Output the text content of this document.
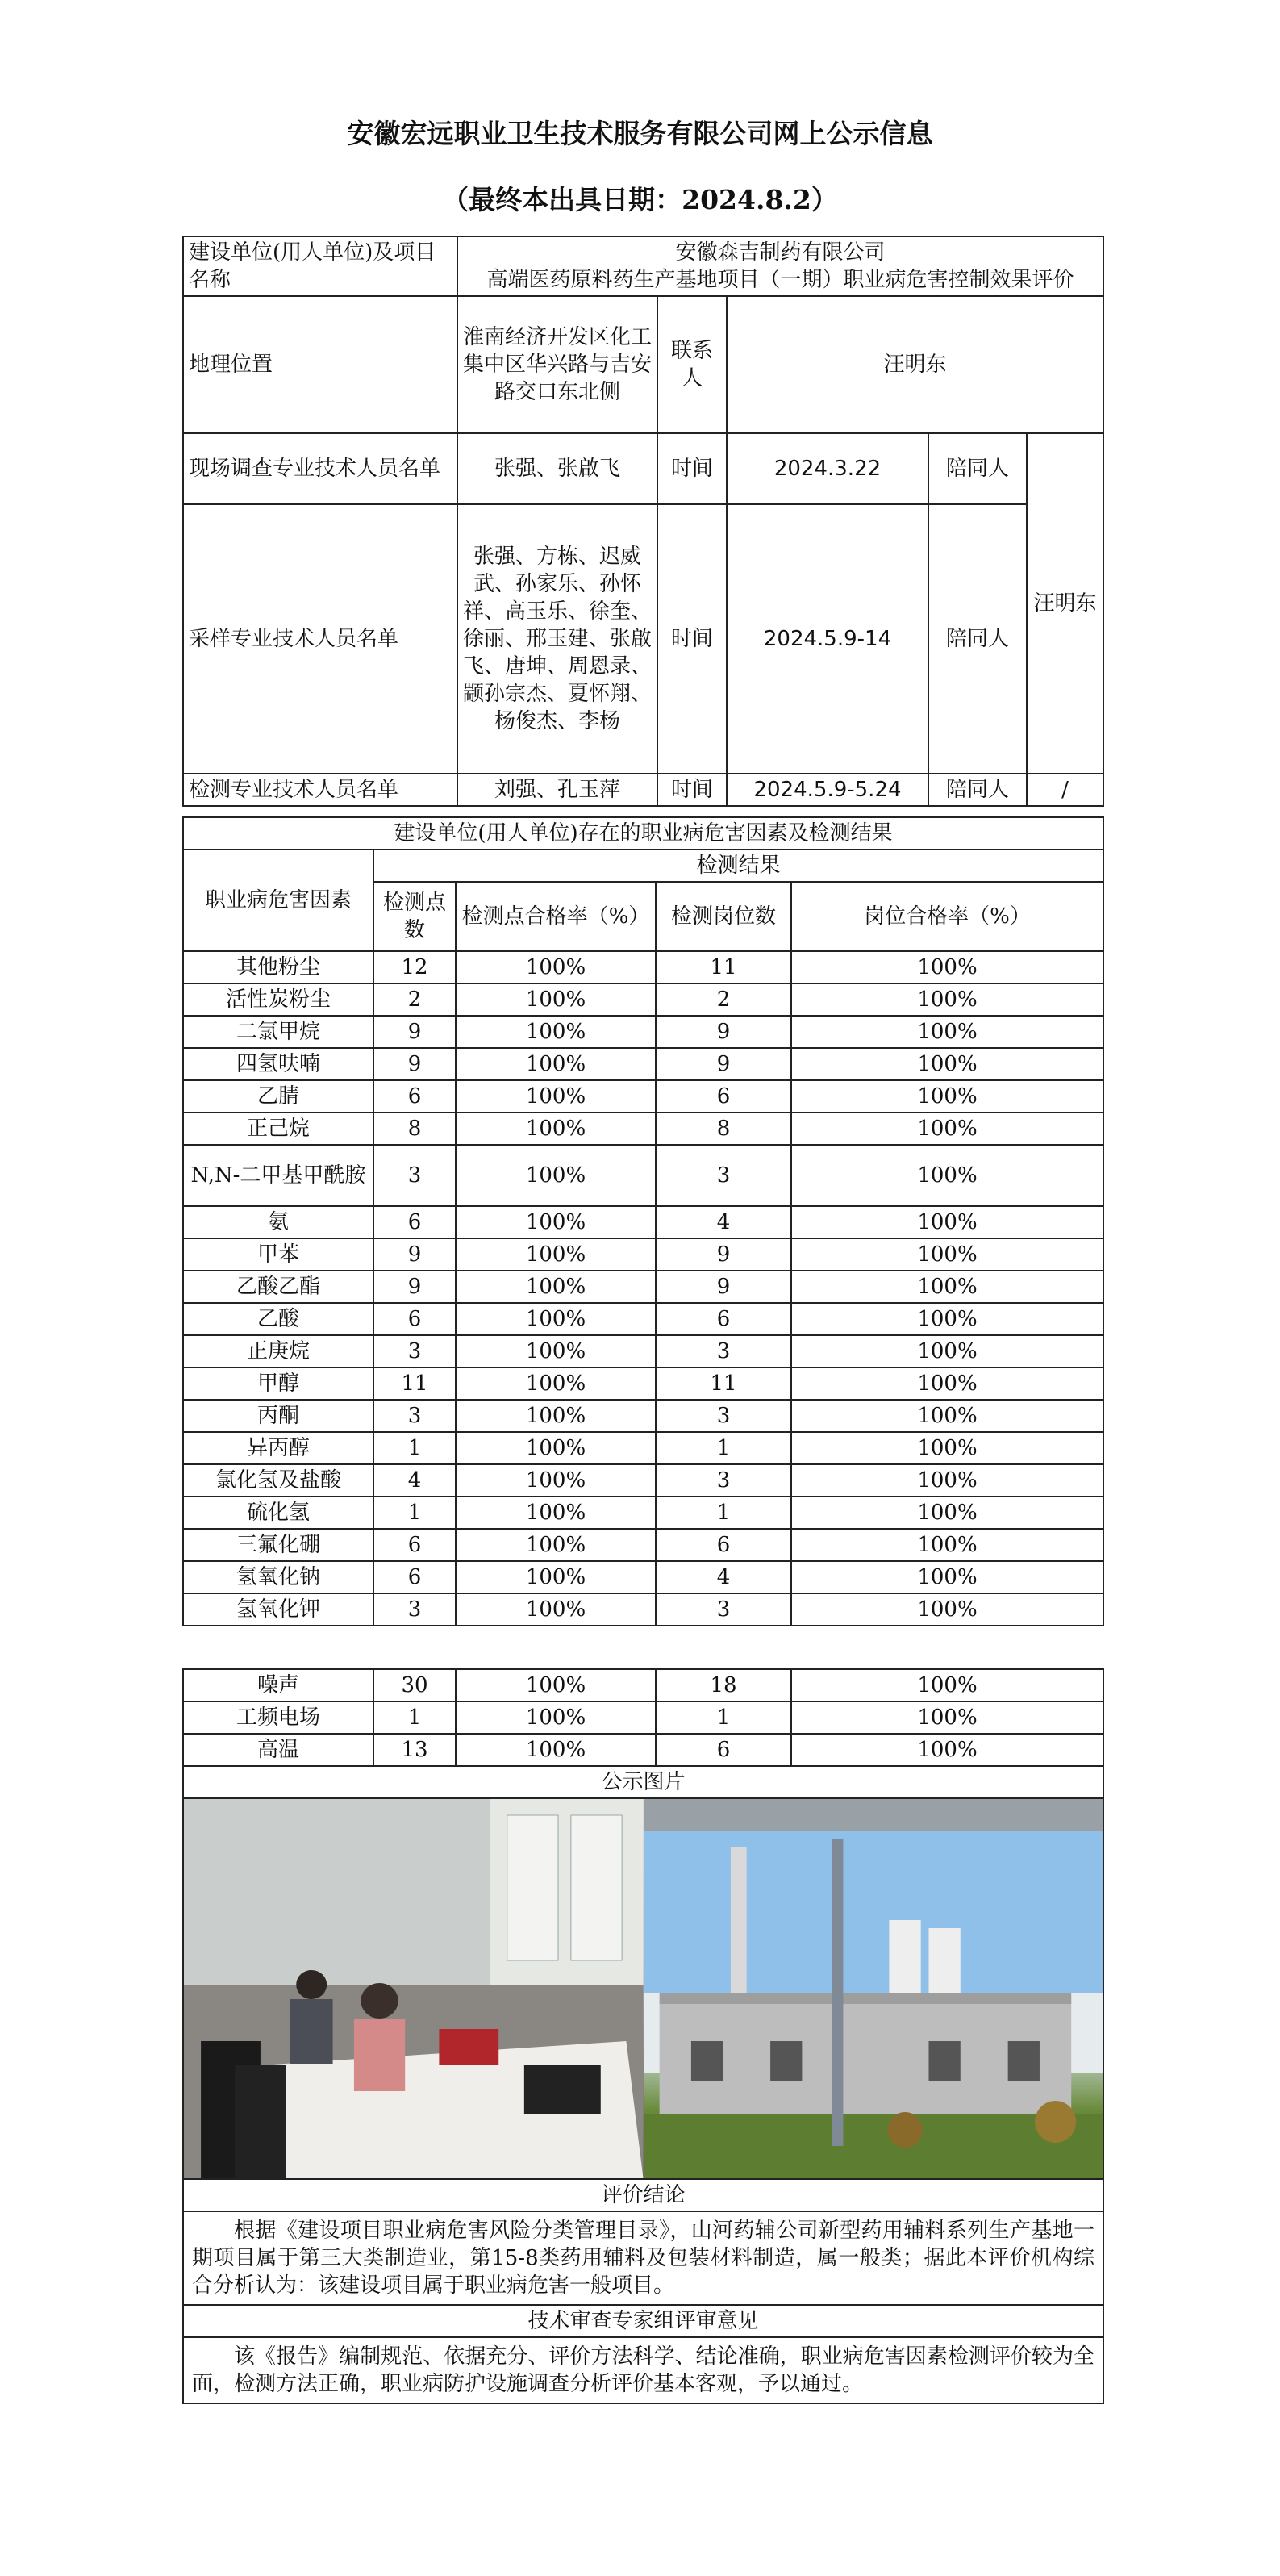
安徽宏远职业卫生技术服务有限公司网上公示信息
（最终本出具日期：2024.8.2）
建设单位(用人单位)及项目名称	安徽森吉制药有限公司
高端医药原料药生产基地项目（一期）职业病危害控制效果评价				

地理位置	淮南经济开发区化工集中区华兴路与吉安路交口东北侧	联系人	汪明东		
现场调查专业技术人员名单	张强、张啟飞	时间	2024.3.22	陪同人	汪明东
采样专业技术人员名单	张强、方栋、迟威武、孙家乐、孙怀祥、高玉乐、徐奎、徐丽、邢玉建、张啟飞、唐坤、周恩录、颛孙宗杰、夏怀翔、杨俊杰、李杨	时间	2024.5.9-14	陪同人	
检测专业技术人员名单	刘强、孔玉萍	时间	2024.5.9-5.24	陪同人	/
建设单位(用人单位)存在的职业病危害因素及检测结果				
职业病危害因素	检测结果			
	检测点数	检测点合格率（%）	检测岗位数	岗位合格率（%）
其他粉尘	12	100%	11	100%
活性炭粉尘	2	100%	2	100%
二氯甲烷	9	100%	9	100%
四氢呋喃	9	100%	9	100%
乙腈	6	100%	6	100%
正己烷	8	100%	8	100%
N,N-二甲基甲酰胺	3	100%	3	100%
氨	6	100%	4	100%
甲苯	9	100%	9	100%
乙酸乙酯	9	100%	9	100%
乙酸	6	100%	6	100%
正庚烷	3	100%	3	100%
甲醇	11	100%	11	100%
丙酮	3	100%	3	100%
异丙醇	1	100%	1	100%
氯化氢及盐酸	4	100%	3	100%
硫化氢	1	100%	1	100%
三氟化硼	6	100%	6	100%
氢氧化钠	6	100%	4	100%
氢氧化钾	3	100%	3	100%
噪声	30	100%	18	100%
工频电场	1	100%	1	100%
高温	13	100%	6	100%
公示图片				

评价结论				
根据《建设项目职业病危害风险分类管理目录》，山河药辅公司新型药用辅料系列生产基地一期项目属于第三大类制造业，第15-8类药用辅料及包装材料制造，属一般类；据此本评价机构综合分析认为：该建设项目属于职业病危害一般项目。				
技术审查专家组评审意见				
该《报告》编制规范、依据充分、评价方法科学、结论准确，职业病危害因素检测评价较为全面，检测方法正确，职业病防护设施调查分析评价基本客观，予以通过。				
